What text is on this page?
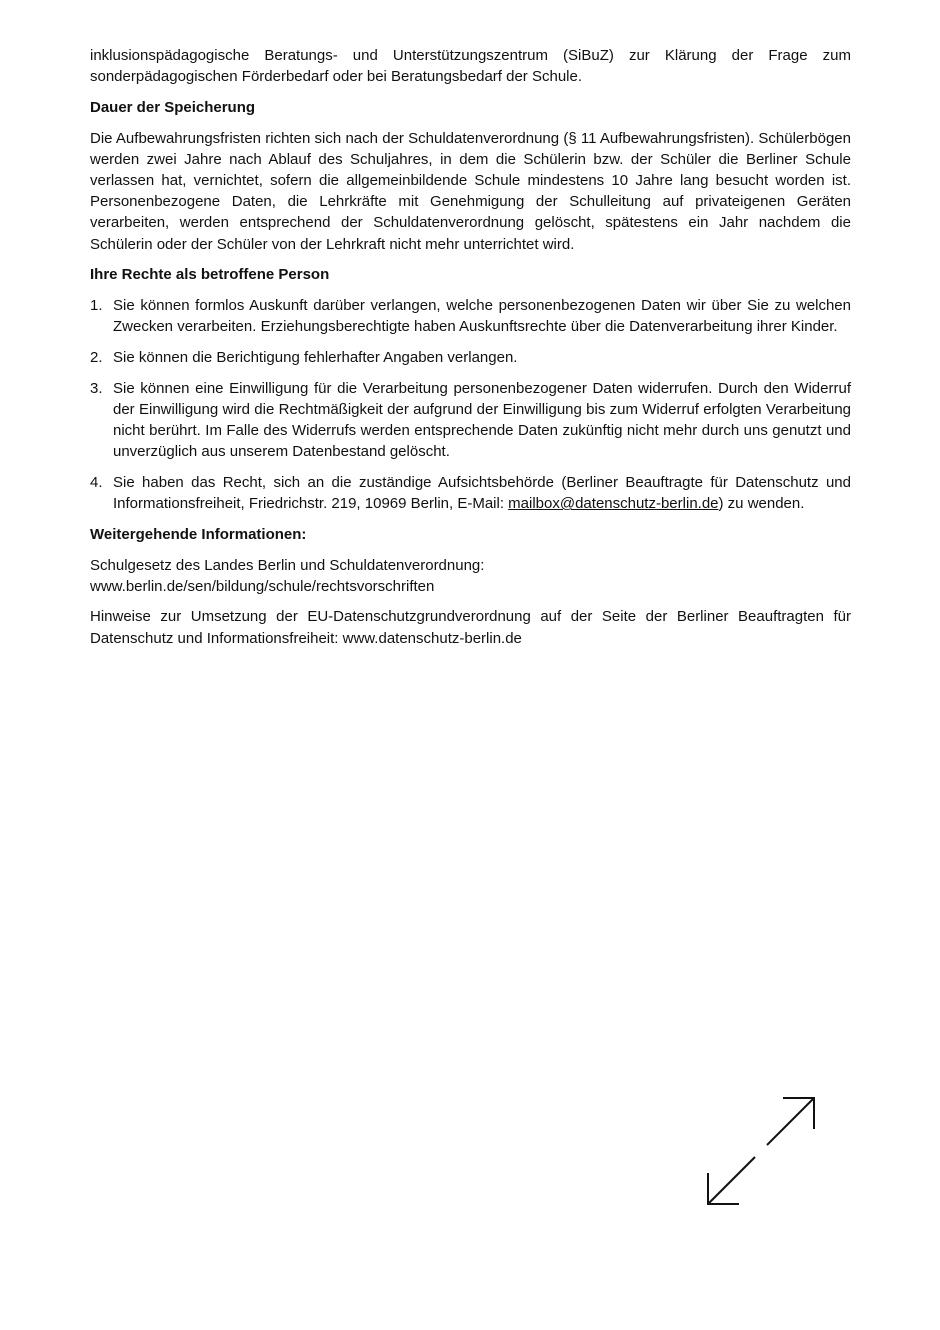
inklusionspädagogische Beratungs- und Unterstützungszentrum (SiBuZ) zur Klärung der Frage zum sonderpädagogischen Förderbedarf oder bei Beratungsbedarf der Schule.

Dauer der Speicherung

Die Aufbewahrungsfristen richten sich nach der Schuldatenverordnung (§ 11 Aufbewahrungsfristen). Schülerbögen werden zwei Jahre nach Ablauf des Schuljahres, in dem die Schülerin bzw. der Schüler die Berliner Schule verlassen hat, vernichtet, sofern die allgemeinbildende Schule mindestens 10 Jahre lang besucht worden ist. Personenbezogene Daten, die Lehrkräfte mit Genehmigung der Schulleitung auf privateigenen Geräten verarbeiten, werden entsprechend der Schuldatenverordnung gelöscht, spätestens ein Jahr nachdem die Schülerin oder der Schüler von der Lehrkraft nicht mehr unterrichtet wird.

Ihre Rechte als betroffene Person
1. Sie können formlos Auskunft darüber verlangen, welche personenbezogenen Daten wir über Sie zu welchen Zwecken verarbeiten. Erziehungsberechtigte haben Auskunftsrechte über die Datenverarbeitung ihrer Kinder.
2. Sie können die Berichtigung fehlerhafter Angaben verlangen.
3. Sie können eine Einwilligung für die Verarbeitung personenbezogener Daten widerrufen. Durch den Widerruf der Einwilligung wird die Rechtmäßigkeit der aufgrund der Einwilligung bis zum Widerruf erfolgten Verarbeitung nicht berührt. Im Falle des Widerrufs werden entsprechende Daten zukünftig nicht mehr durch uns genutzt und unverzüglich aus unserem Datenbestand gelöscht.
4. Sie haben das Recht, sich an die zuständige Aufsichtsbehörde (Berliner Beauftragte für Datenschutz und Informationsfreiheit, Friedrichstr. 219, 10969 Berlin, E-Mail: mailbox@datenschutz-berlin.de) zu wenden.
Weitergehende Informationen:

Schulgesetz des Landes Berlin und Schuldatenverordnung:
www.berlin.de/sen/bildung/schule/rechtsvorschriften

Hinweise zur Umsetzung der EU-Datenschutzgrundverordnung auf der Seite der Berliner Beauftragten für Datenschutz und Informationsfreiheit: www.datenschutz-berlin.de
